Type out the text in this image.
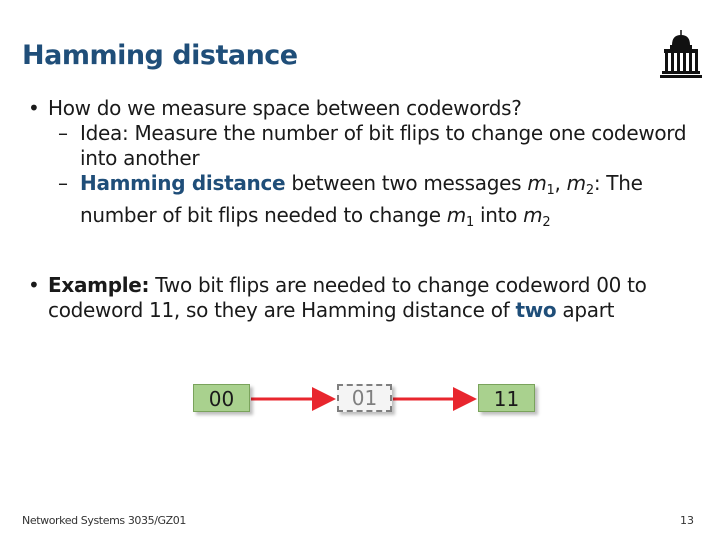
Hamming distance
• How do we measure space between codewords?
– Idea: Measure the number of bit flips to change one codeword into another
– Hamming distance between two messages $m_1$, $m_2$: The number of bit flips needed to change $m_1$ into $m_2$
• Example: Two bit flips are needed to change codeword 00 to codeword 11, so they are Hamming distance of two apart
00	01	11
Networked Systems 3035/GZ01	13
